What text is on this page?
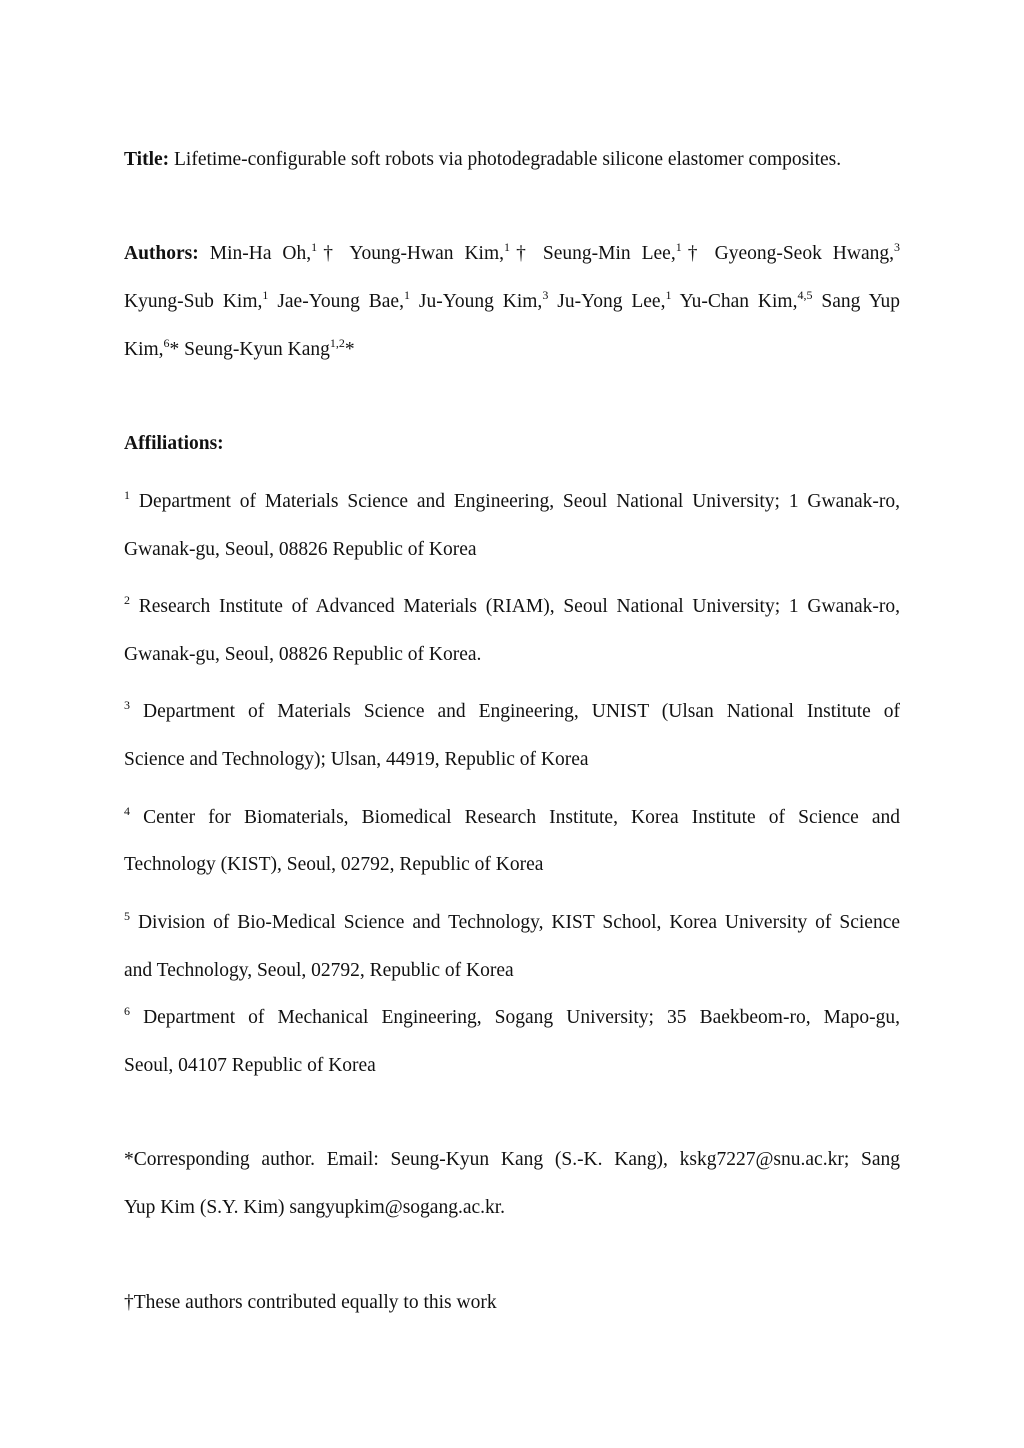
Title: Lifetime-configurable soft robots via photodegradable silicone elastomer composites.
Authors: Min-Ha Oh,$^1$† Young-Hwan Kim,$^1$† Seung-Min Lee,$^1$† Gyeong-Seok Hwang,$^3$
Kyung-Sub Kim,$^1$ Jae-Young Bae,$^1$ Ju-Young Kim,$^3$ Ju-Yong Lee,$^1$ Yu-Chan Kim,$^{4,5}$ Sang Yup
Kim,$^6$* Seung-Kyun Kang$^{1,2}$*
Affiliations:
$^1$ Department of Materials Science and Engineering, Seoul National University; 1 Gwanak-ro,
Gwanak-gu, Seoul, 08826 Republic of Korea
$^2$ Research Institute of Advanced Materials (RIAM), Seoul National University; 1 Gwanak-ro,
Gwanak-gu, Seoul, 08826 Republic of Korea.
$^3$ Department of Materials Science and Engineering, UNIST (Ulsan National Institute of
Science and Technology); Ulsan, 44919, Republic of Korea
$^4$ Center for Biomaterials, Biomedical Research Institute, Korea Institute of Science and
Technology (KIST), Seoul, 02792, Republic of Korea
$^5$ Division of Bio-Medical Science and Technology, KIST School, Korea University of Science
and Technology, Seoul, 02792, Republic of Korea
$^6$ Department of Mechanical Engineering, Sogang University; 35 Baekbeom-ro, Mapo-gu,
Seoul, 04107 Republic of Korea
*Corresponding author. Email: Seung-Kyun Kang (S.-K. Kang), kskg7227@snu.ac.kr; Sang
Yup Kim (S.Y. Kim) sangyupkim@sogang.ac.kr.
†These authors contributed equally to this work
